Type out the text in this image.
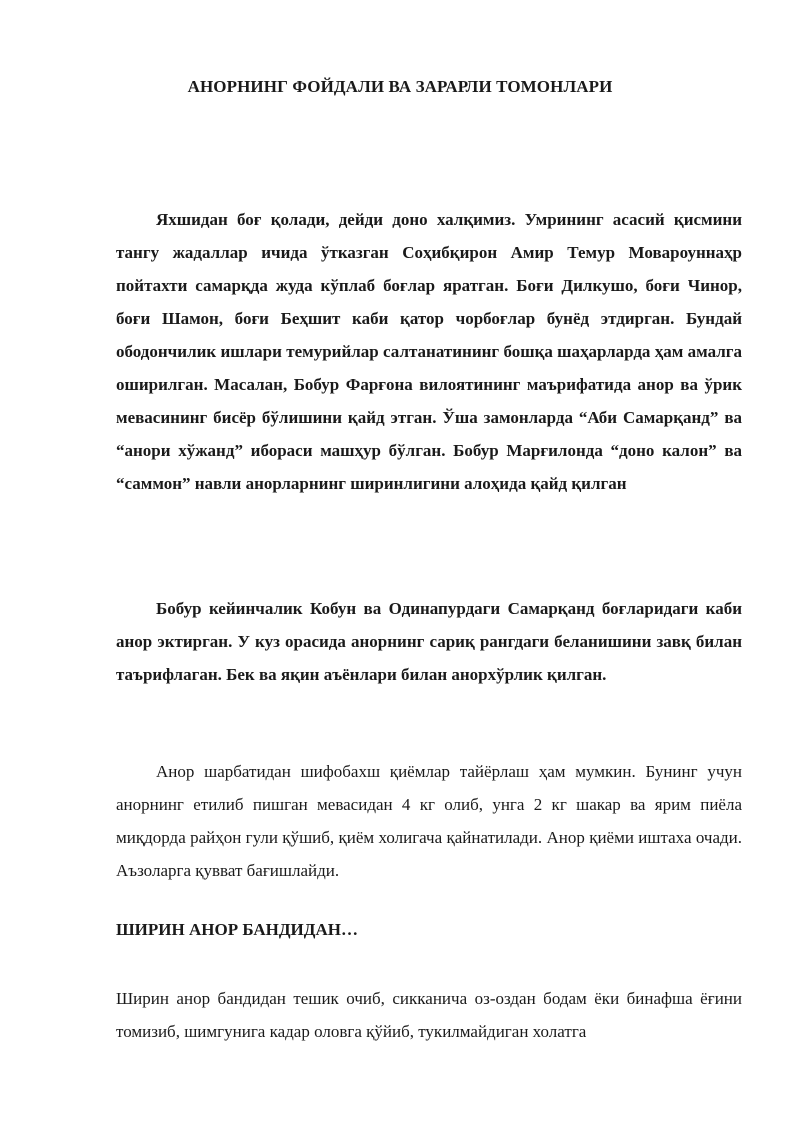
АНОРНИНГ ФОЙДАЛИ ВА ЗАРАРЛИ ТОМОНЛАРИ

Яхшидан боғ қолади, дейди доно халқимиз. Умрининг асасий қисмини тангу жадаллар ичида ўтказган Соҳибқирон Амир Темур Мовароуннаҳр пойтахти самарқда жуда кўплаб боғлар яратган. Боғи Дилкушо, боғи Чинор, боғи Шамон, боғи Беҳшит каби қатор чорбоғлар бунёд этдирган. Бундай ободончилик ишлари темурийлар салтанатининг бошқа шаҳарларда ҳам амалга оширилган. Масалан, Бобур Фарғона вилоятининг маърифатида анор ва ўрик мевасининг бисёр бўлишини қайд этган. Ўша замонларда “Аби Самарқанд” ва “анори хўжанд” ибораси машҳур бўлган. Бобур Марғилонда “доно калон” ва “саммон” навли анорларнинг ширинлигини алоҳида қайд қилган

Бобур кейинчалик Кобун ва Одинапурдаги Самарқанд боғларидаги каби анор эктирган. У куз орасида анорнинг сариқ рангдаги беланишини завқ билан таърифлаган. Бек ва яқин аъёнлари билан анорхўрлик қилган.

Анор шарбатидан шифобахш қиёмлар тайёрлаш ҳам мумкин. Бунинг учун анорнинг етилиб пишган мевасидан 4 кг олиб, унга 2 кг шакар ва ярим пиёла миқдорда райҳон гули қўшиб, қиём холигача қайнатилади. Анор қиёми иштаха очади. Аъзоларга қувват бағишлайди.

ШИРИН АНОР БАНДИДАН…

Ширин анор бандидан тешик очиб, сикканича оз-оздан бодам ёки бинафша ёғини томизиб, шимгунига кадар оловга қўйиб, тукилмайдиган холатга
